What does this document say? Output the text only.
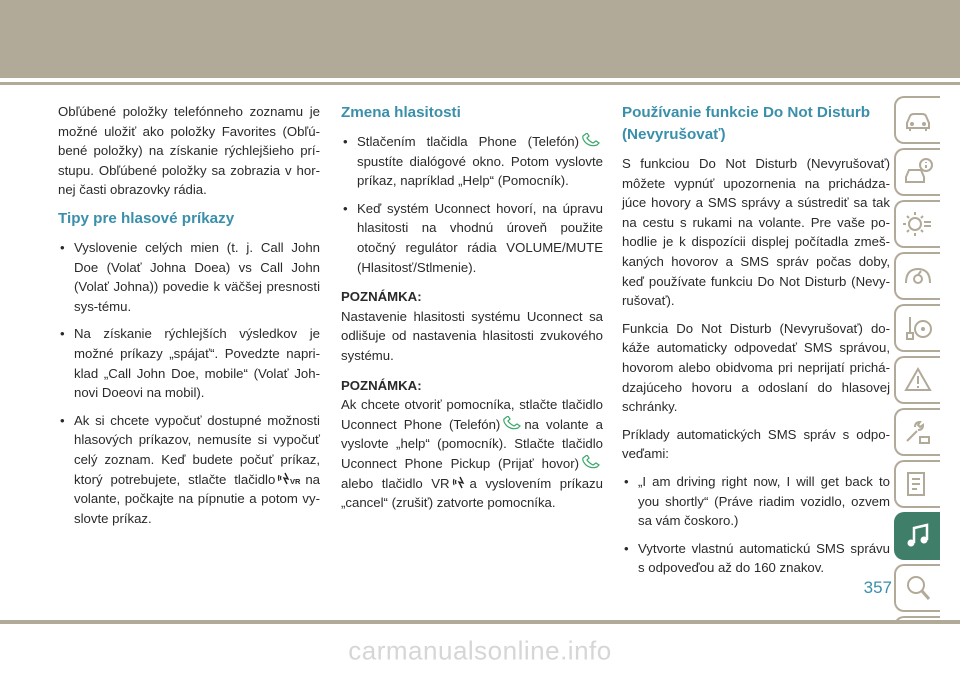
Obľúbené položky telefónneho zoznamu je možné uložiť ako položky Favorites (Obľú-bené položky) na získanie rýchlejšieho prí-stupu. Obľúbené položky sa zobrazia v hor-nej časti obrazovky rádia.

Tipy pre hlasové príkazy
• Vyslovenie celých mien (t. j. Call John Doe (Volať Johna Doea) vs Call John (Volať Johna)) povedie k väčšej presnosti sys-tému.
• Na získanie rýchlejších výsledkov je možné príkazy „spájať“. Povedzte napri-klad „Call John Doe, mobile“ (Volať Joh-novi Doeovi na mobil).
• Ak si chcete vypočuť dostupné možnosti hlasových príkazov, nemusíte si vypočuť celý zoznam. Keď budete počuť príkaz, ktorý potrebujete, stlačte tlačidlo VR na volante, počkajte na pípnutie a potom vy-slovte príkaz.
Zmena hlasitosti
• Stlačením tlačidla Phone (Telefón)spustíte dialógové okno. Potom vyslovte príkaz, napríklad „Help“ (Pomocník).
• Keď systém Uconnect hovorí, na úpravu hlasitosti na vhodnú úroveň použite otočný regulátor rádia VOLUME/MUTE (Hlasitosť/Stlmenie).

POZNÁMKA:

Nastavenie hlasitosti systému Uconnect sa odlišuje od nastavenia hlasitosti zvukového systému.

POZNÁMKA:

Ak chcete otvoriť pomocníka, stlačte tlačidlo Uconnect Phone (Telefón) na volante a vyslovte „help“ (pomocník). Stlačte tlačidlo Uconnect Phone Pickup (Prijať hovor)alebo tlačidlo VR a vyslovením príkazu „cancel“ (zrušiť) zatvorte pomocníka.

Používanie funkcie Do Not Disturb (Nevyrušovať)

S funkciou Do Not Disturb (Nevyrušovať) môžete vypnúť upozornenia na prichádza-júce hovory a SMS správy a sústrediť sa tak na cestu s rukami na volante. Pre vaše po-hodlie je k dispozícii displej počítadla zmeš-kaných hovorov a SMS správ počas doby, keď používate funkciu Do Not Disturb (Nevy-rušovať).

Funkcia Do Not Disturb (Nevyrušovať) do-káže automaticky odpovedať SMS správou, hovorom alebo obidvoma pri neprijatí prichá-dzajúceho hovoru a odoslaní do hlasovej schránky.

Príklady automatických SMS správ s odpo-veďami:

• „I am driving right now, I will get back to you shortly“ (Práve riadim vozidlo, ozvem sa vám čoskoro.)
• Vytvorte vlastnú automatickú SMS správu s odpoveďou až do 160 znakov.
357
carmanualsonline.info
